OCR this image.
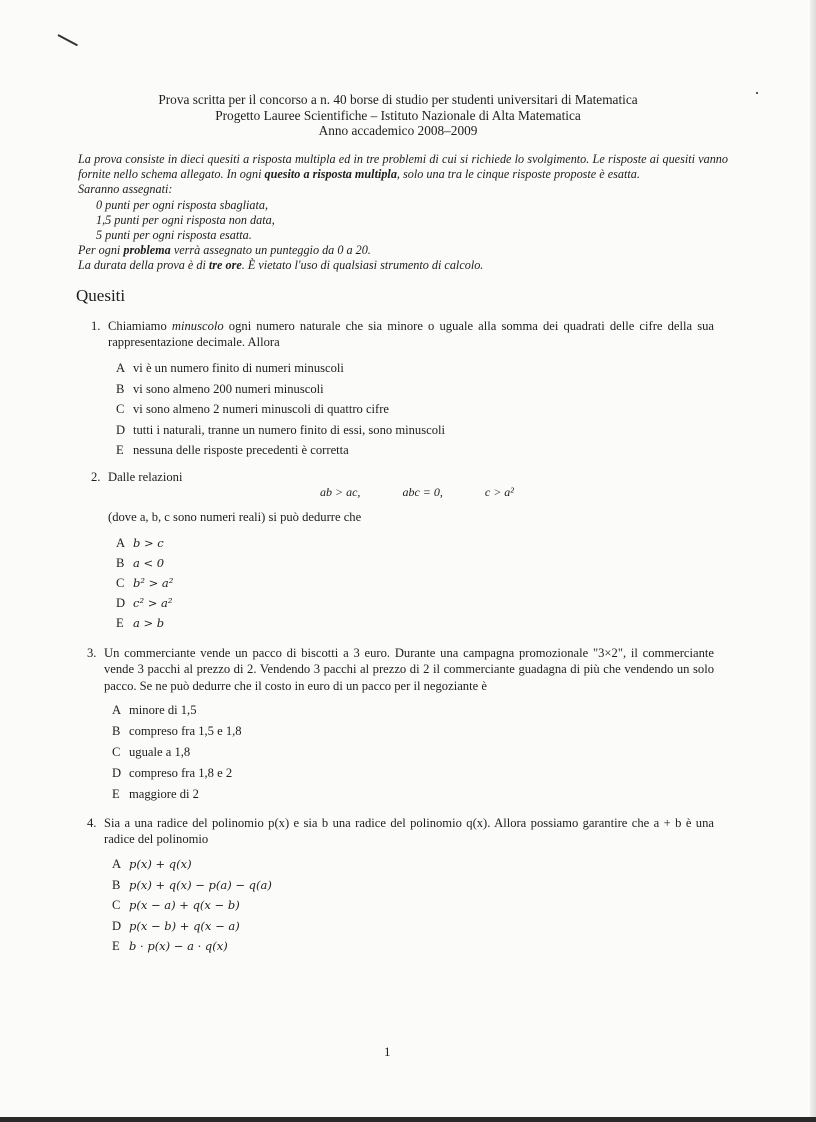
Prova scritta per il concorso a n. 40 borse di studio per studenti universitari di Matematica
Progetto Lauree Scientifiche – Istituto Nazionale di Alta Matematica
Anno accademico 2008–2009

La prova consiste in dieci quesiti a risposta multipla ed in tre problemi di cui si richiede lo svolgimento. Le risposte ai quesiti vanno fornite nello schema allegato. In ogni quesito a risposta multipla, solo una tra le cinque risposte proposte è esatta.

Saranno assegnati:

0 punti per ogni risposta sbagliata,

1,5 punti per ogni risposta non data,

5 punti per ogni risposta esatta.

Per ogni problema verrà assegnato un punteggio da 0 a 20.

La durata della prova è di tre ore. È vietato l'uso di qualsiasi strumento di calcolo.

Quesiti
1. Chiamiamo minuscolo ogni numero naturale che sia minore o uguale alla somma dei quadrati delle cifre della sua rappresentazione decimale. Allora
A vi è un numero finito di numeri minuscoli
B vi sono almeno 200 numeri minuscoli
C vi sono almeno 2 numeri minuscoli di quattro cifre
D tutti i naturali, tranne un numero finito di essi, sono minuscoli
E nessuna delle risposte precedenti è corretta
2. Dalle relazioni
ab > ac,	abc = 0,	c > a²
(dove a, b, c sono numeri reali) si può dedurre che
A b > c
B a < 0
C b² > a²
D c² > a²
E a > b
3. Un commerciante vende un pacco di biscotti a 3 euro. Durante una campagna promozionale "3×2", il commerciante vende 3 pacchi al prezzo di 2. Vendendo 3 pacchi al prezzo di 2 il commerciante guadagna di più che vendendo un solo pacco. Se ne può dedurre che il costo in euro di un pacco per il negoziante è
A minore di 1,5
B compreso fra 1,5 e 1,8
C uguale a 1,8
D compreso fra 1,8 e 2
E maggiore di 2
4. Sia a una radice del polinomio p(x) e sia b una radice del polinomio q(x). Allora possiamo garantire che a + b è una radice del polinomio
A p(x) + q(x)
B p(x) + q(x) − p(a) − q(a)
C p(x − a) + q(x − b)
D p(x − b) + q(x − a)
E b · p(x) − a · q(x)
1
